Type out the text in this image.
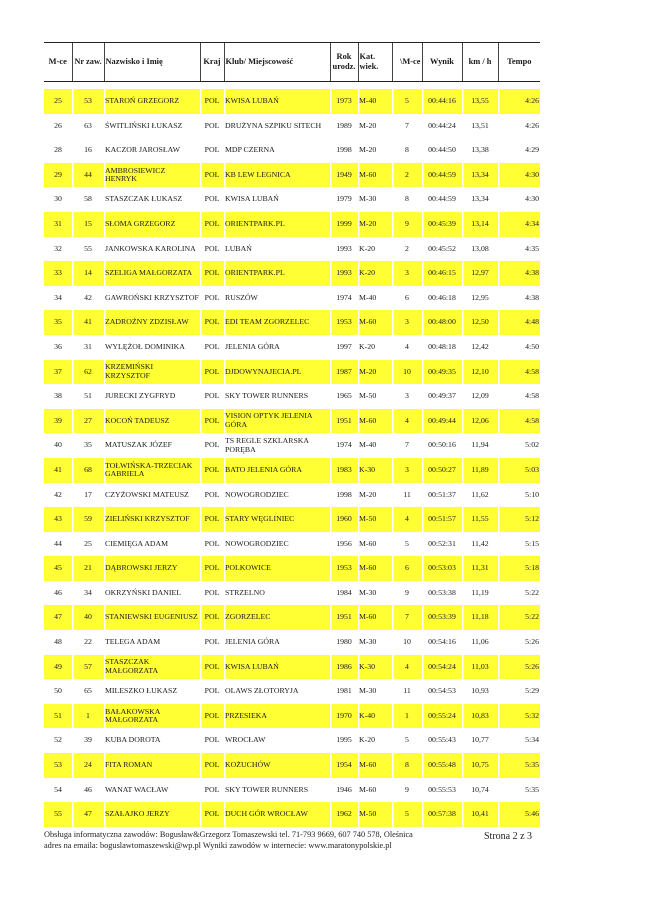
M-ce	Nr zaw.	Nazwisko i Imię	Kraj	Klub/ Miejscowość	Rok urodz.	Kat. wiek.	\M-ce	Wynik	km / h	Tempo

25	53	STAROŃ GRZEGORZ	POL	KWISA LUBAŃ	1973	M-40	5	00:44:16	13,55	4:26
26	63	ŚWITLIŃSKI ŁUKASZ	POL	DRUŻYNA SZPIKU SITECH	1989	M-20	7	00:44:24	13,51	4:26
28	16	KACZOR JAROSŁAW	POL	MDP CZERNA	1998	M-20	8	00:44:50	13,38	4:29
29	44	AMBROSIEWICZ HENRYK	POL	KB LEW LEGNICA	1949	M-60	2	00:44:59	13,34	4:30
30	58	STASZCZAK ŁUKASZ	POL	KWISA LUBAŃ	1979	M-30	8	00:44:59	13,34	4:30
31	15	SŁOMA GRZEGORZ	POL	ORIENTPARK.PL	1999	M-20	9	00:45:39	13,14	4:34
32	55	JANKOWSKA KAROLINA	POL	LUBAŃ	1993	K-20	2	00:45:52	13,08	4:35
33	14	SZELIGA MAŁGORZATA	POL	ORIENTPARK.PL	1993	K-20	3	00:46:15	12,97	4:38
34	42	GAWROŃSKI KRZYSZTOF	POL	RUSZÓW	1974	M-40	6	00:46:18	12,95	4:38
35	41	ZADROŻNY ZDZISŁAW	POL	EDI TEAM ZGORZELEC	1953	M-60	3	00:48:00	12,50	4:48
36	31	WYLĘŻOŁ DOMINIKA	POL	JELENIA GÓRA	1997	K-20	4	00:48:18	12,42	4:50
37	62	KRZEMIŃSKI KRZYSZTOF	POL	DJDOWYNAJECIA.PL	1987	M-20	10	00:49:35	12,10	4:58
38	51	JURECKI ZYGFRYD	POL	SKY TOWER RUNNERS	1965	M-50	3	00:49:37	12,09	4:58
39	27	KOCOŃ TADEUSZ	POL	VISION OPTYK JELENIA GÓRA	1951	M-60	4	00:49:44	12,06	4:58
40	35	MATUSZAK JÓZEF	POL	TS REGLE SZKLARSKA PORĘBA	1974	M-40	7	00:50:16	11,94	5:02
41	68	TOŁWIŃSKA-TRZECIAK GABRIELA	POL	BATO JELENIA GÓRA	1983	K-30	3	00:50:27	11,89	5:03
42	17	CZYŻOWSKI MATEUSZ	POL	NOWOGRODZIEC	1998	M-20	11	00:51:37	11,62	5:10
43	59	ZIELIŃSKI KRZYSZTOF	POL	STARY WĘGLINIEC	1960	M-50	4	00:51:57	11,55	5:12
44	25	CIEMIĘGA ADAM	POL	NOWOGRODZIEC	1956	M-60	5	00:52:31	11,42	5:15
45	21	DĄBROWSKI JERZY	POL	POLKOWICE	1953	M-60	6	00:53:03	11,31	5:18
46	34	OKRZYŃSKI DANIEL	POL	STRZELNO	1984	M-30	9	00:53:38	11,19	5:22
47	40	STANIEWSKI EUGENIUSZ	POL	ZGORZELEC	1951	M-60	7	00:53:39	11,18	5:22
48	22	TELEGA ADAM	POL	JELENIA GÓRA	1980	M-30	10	00:54:16	11,06	5:26
49	57	STASZCZAK MAŁGORZATA	POL	KWISA LUBAŃ	1986	K-30	4	00:54:24	11,03	5:26
50	65	MILESZKO ŁUKASZ	POL	OLAWS ZŁOTORYJA	1981	M-30	11	00:54:53	10,93	5:29
51	1	BAŁAKOWSKA MAŁGORZATA	POL	PRZESIEKA	1970	K-40	1	00:55:24	10,83	5:32
52	39	KUBA DOROTA	POL	WROCŁAW	1995	K-20	5	00:55:43	10,77	5:34
53	24	FITA ROMAN	POL	KOŻUCHÓW	1954	M-60	8	00:55:48	10,75	5:35
54	46	WANAT WACŁAW	POL	SKY TOWER RUNNERS	1946	M-60	9	00:55:53	10,74	5:35
55	47	SZAŁAJKO JERZY	POL	DUCH GÓR WROCŁAW	1962	M-50	5	00:57:38	10,41	5:46
Obsługa informatyczna zawodów: Bogusław&Grzegorz Tomaszewski tel. 71-793 9669, 607 740 578, Oleśnica
adres na emaila: boguslawtomaszewski@wp.pl Wyniki zawodów w internecie: www.maratonypolskie.pl
Strona 2 z 3
